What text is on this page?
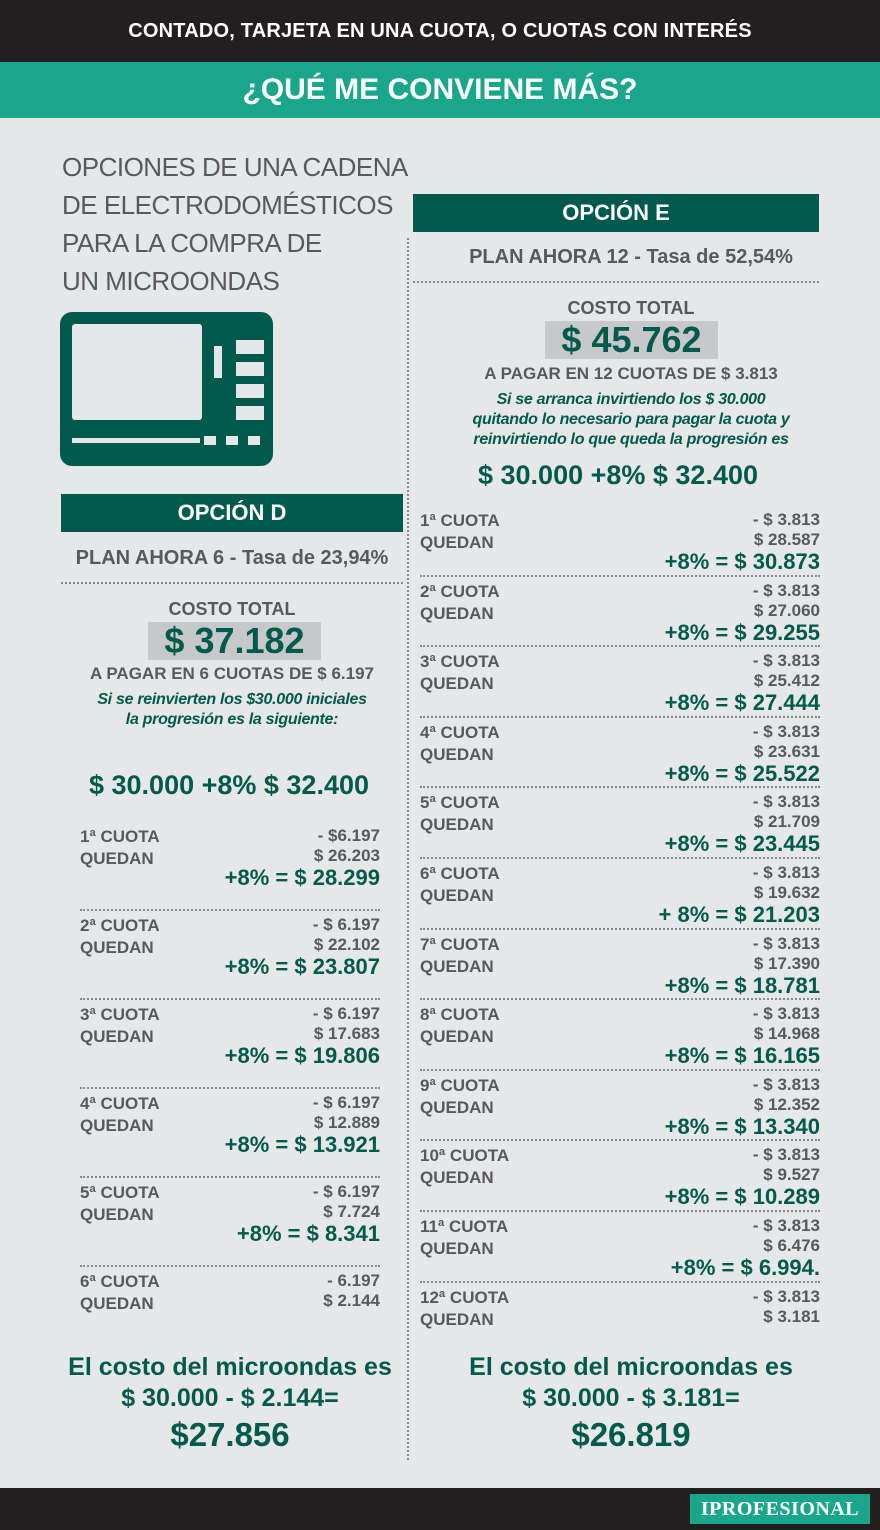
CONTADO, TARJETA EN UNA CUOTA, O CUOTAS CON INTERÉS
¿QUÉ ME CONVIENE MÁS?
OPCIONES DE UNA CADENA
DE ELECTRODOMÉSTICOS
PARA LA COMPRA DE
UN MICROONDAS
OPCIÓN E
PLAN AHORA 12 - Tasa de 52,54%
COSTO TOTAL
$ 45.762
A PAGAR EN 12 CUOTAS DE $ 3.813
Si se arranca invirtiendo los $ 30.000
quitando lo necesario para pagar la cuota y
reinvirtiendo lo que queda la progresión es
$ 30.000 +8% $ 32.400
1ª CUOTA
QUEDAN
- $ 3.813
$ 28.587
+8% = $ 30.873
2ª CUOTA
QUEDAN
- $ 3.813
$ 27.060
+8% = $ 29.255
3ª CUOTA
QUEDAN
- $ 3.813
$ 25.412
+8% = $ 27.444
4ª CUOTA
QUEDAN
- $ 3.813
$ 23.631
+8% = $ 25.522
5ª CUOTA
QUEDAN
- $ 3.813
$ 21.709
+8% = $ 23.445
6ª CUOTA
QUEDAN
- $ 3.813
$ 19.632
+ 8% = $ 21.203
7ª CUOTA
QUEDAN
- $ 3.813
$ 17.390
+8% = $ 18.781
8ª CUOTA
QUEDAN
- $ 3.813
$ 14.968
+8% = $ 16.165
9ª CUOTA
QUEDAN
- $ 3.813
$ 12.352
+8% = $ 13.340
10ª CUOTA
QUEDAN
- $ 3.813
$ 9.527
+8% = $ 10.289
11ª CUOTA
QUEDAN
- $ 3.813
$ 6.476
+8% = $ 6.994.
12ª CUOTA
QUEDAN
- $ 3.813
$ 3.181
El costo del microondas es
$ 30.000 - $ 3.181=
$26.819
OPCIÓN D
PLAN AHORA 6 - Tasa de 23,94%
COSTO TOTAL
$ 37.182
A PAGAR EN 6 CUOTAS DE $ 6.197
Si se reinvierten los $30.000 iniciales
la progresión es la siguiente:
$ 30.000 +8% $ 32.400
1ª CUOTA
QUEDAN
- $6.197
$ 26.203
+8% = $ 28.299
2ª CUOTA
QUEDAN
- $ 6.197
$ 22.102
+8% = $ 23.807
3ª CUOTA
QUEDAN
- $ 6.197
$ 17.683
+8% = $ 19.806
4ª CUOTA
QUEDAN
- $ 6.197
$ 12.889
+8% = $ 13.921
5ª CUOTA
QUEDAN
- $ 6.197
$ 7.724
+8% = $ 8.341
6ª CUOTA
QUEDAN
- 6.197
$ 2.144
El costo del microondas es
$ 30.000 - $ 2.144=
$27.856
IPROFESIONAL
